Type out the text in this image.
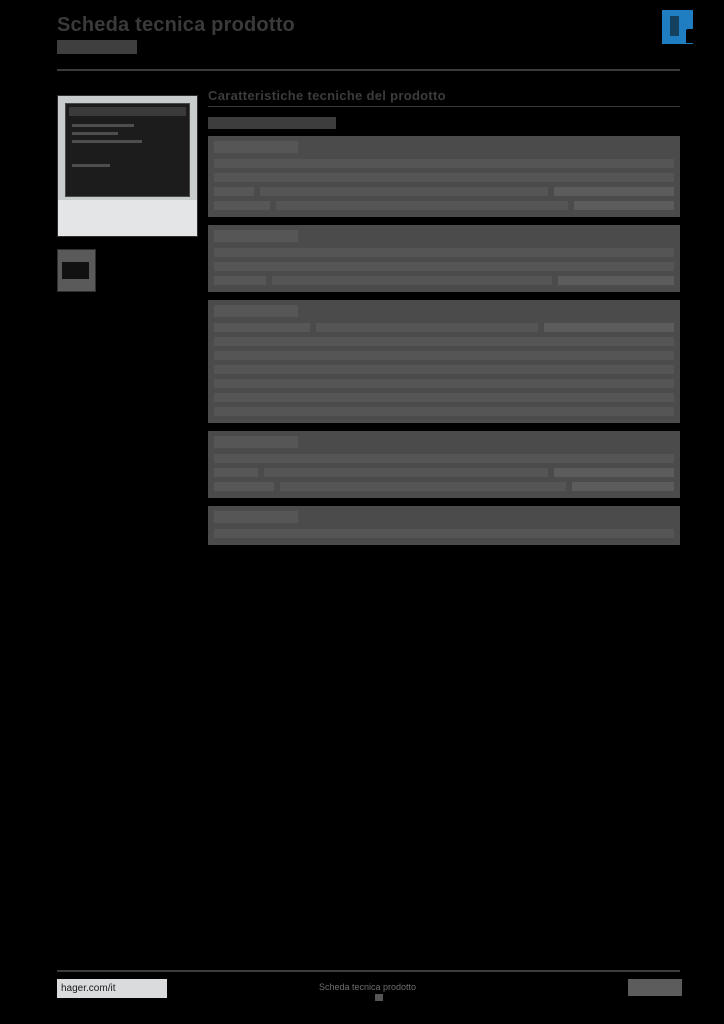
Scheda tecnica prodotto
Caratteristiche tecniche del prodotto
hager.com/it	Scheda tecnica prodotto
